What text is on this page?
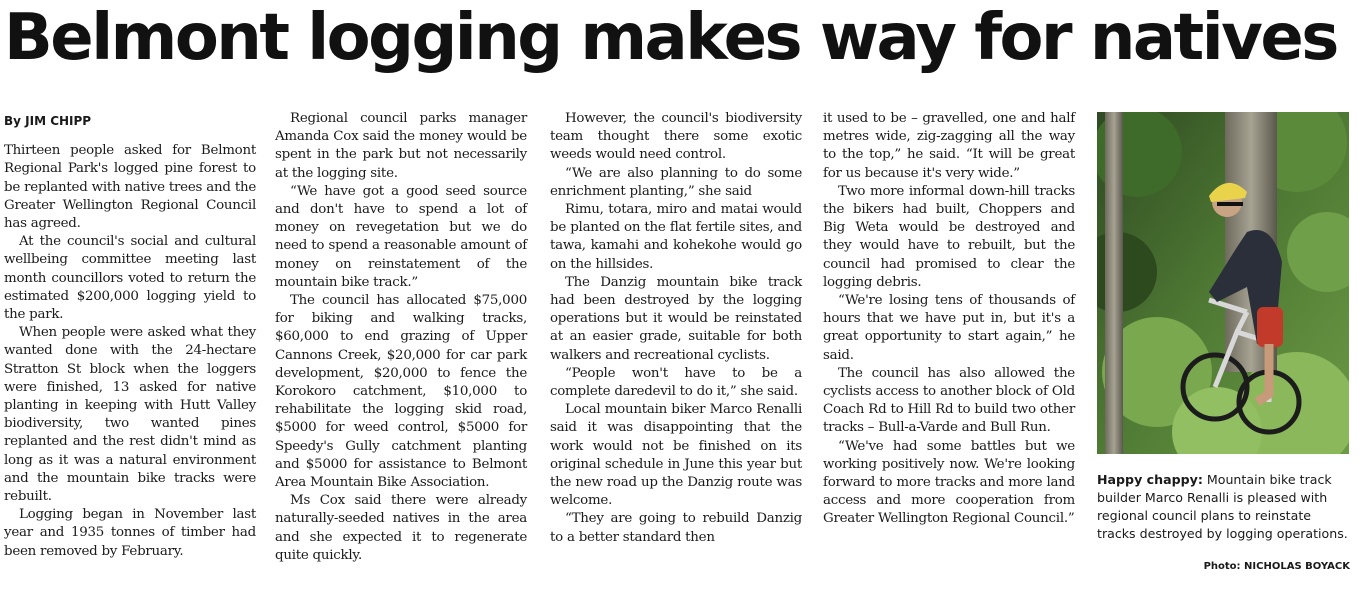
Belmont logging makes way for natives

By JIM CHIPP

Thirteen people asked for Belmont Regional Park's logged pine forest to be replanted with native trees and the Greater Wellington Regional Council has agreed.

At the council's social and cultural wellbeing committee meeting last month councillors voted to return the estimated $200,000 logging yield to the park.

When people were asked what they wanted done with the 24-hectare Stratton St block when the loggers were finished, 13 asked for native planting in keeping with Hutt Valley biodiversity, two wanted pines replanted and the rest didn't mind as long as it was a natural environment and the mountain bike tracks were rebuilt.

Logging began in November last year and 1935 tonnes of timber had been removed by February.

Regional council parks manager Amanda Cox said the money would be spent in the park but not necessarily at the logging site.

“We have got a good seed source and don't have to spend a lot of money on revegetation but we do need to spend a reasonable amount of money on reinstatement of the mountain bike track.”

The council has allocated $75,000 for biking and walking tracks, $60,000 to end grazing of Upper Cannons Creek, $20,000 for car park development, $20,000 to fence the Korokoro catchment, $10,000 to rehabilitate the logging skid road, $5000 for weed control, $5000 for Speedy's Gully catchment planting and $5000 for assistance to Belmont Area Mountain Bike Association.

Ms Cox said there were already naturally-seeded natives in the area and she expected it to regenerate quite quickly.

However, the council's biodiversity team thought there some exotic weeds would need control.

“We are also planning to do some enrichment planting,” she said

Rimu, totara, miro and matai would be planted on the flat fertile sites, and tawa, kamahi and kohekohe would go on the hillsides.

The Danzig mountain bike track had been destroyed by the logging operations but it would be reinstated at an easier grade, suitable for both walkers and recreational cyclists.

“People won't have to be a complete daredevil to do it,” she said.

Local mountain biker Marco Renalli said it was disappointing that the work would not be finished on its original schedule in June this year but the new road up the Danzig route was welcome.

“They are going to rebuild Danzig to a better standard then

it used to be – gravelled, one and half metres wide, zig-zagging all the way to the top,” he said. “It will be great for us because it's very wide.”

Two more informal down-hill tracks the bikers had built, Choppers and Big Weta would be destroyed and they would have to rebuilt, but the council had promised to clear the logging debris.

“We're losing tens of thousands of hours that we have put in, but it's a great opportunity to start again,” he said.

The council has also allowed the cyclists access to another block of Old Coach Rd to Hill Rd to build two other tracks – Bull-a-Varde and Bull Run.

“We've had some battles but we working positively now. We're looking forward to more tracks and more land access and more cooperation from Greater Wellington Regional Council.”

Happy chappy: Mountain bike track builder Marco Renalli is pleased with regional council plans to reinstate tracks destroyed by logging operations.
Photo: NICHOLAS BOYACK
